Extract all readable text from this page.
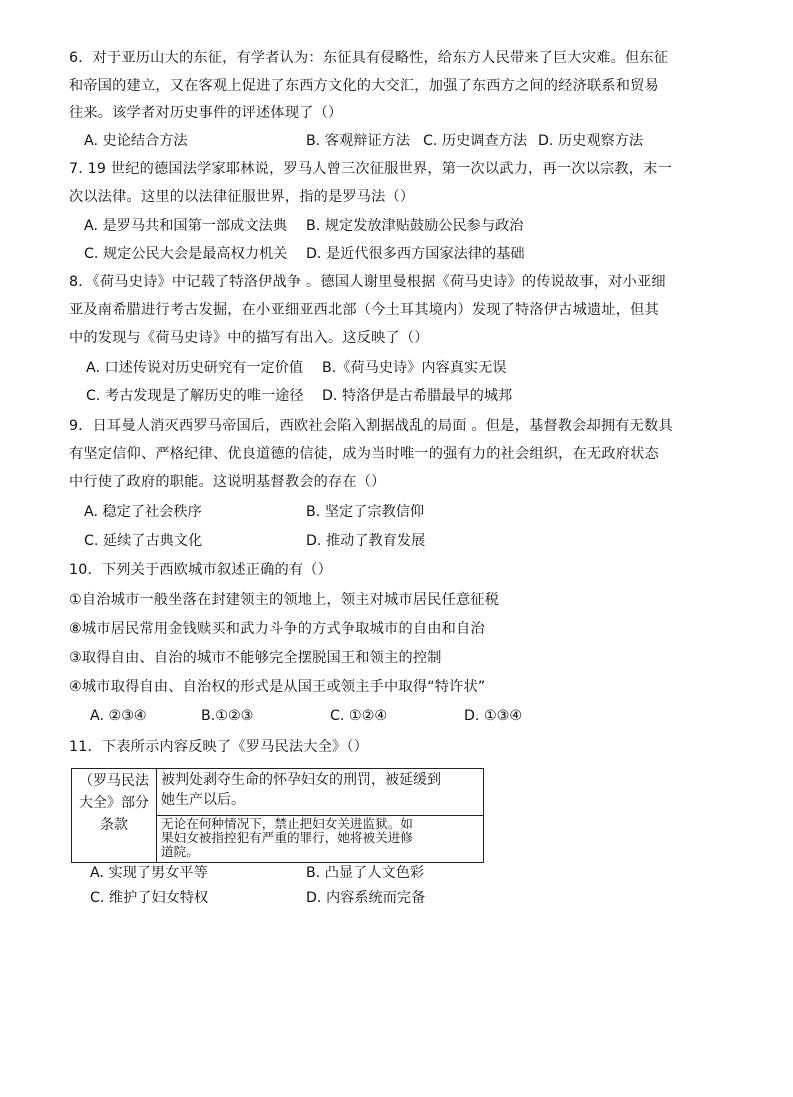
6．对于亚历山大的东征，有学者认为：东征具有侵略性，给东方人民带来了巨大灾难。但东征
和帝国的建立，又在客观上促进了东西方文化的大交汇，加强了东西方之间的经济联系和贸易
往来。该学者对历史事件的评述体现了（）
A. 史论结合方法	B. 客观辩证方法 C. 历史调查方法 D. 历史观察方法
7. 19 世纪的德国法学家耶林说，罗马人曾三次征服世界，第一次以武力，再一次以宗教，末一
次以法律。这里的以法律征服世界，指的是罗马法（）
A. 是罗马共和国第一部成文法典 B. 规定发放津贴鼓励公民参与政治
C. 规定公民大会是最高权力机关 D. 是近代很多西方国家法律的基础
8．《荷马史诗》中记载了特洛伊战争 。德国人谢里曼根据《荷马史诗》的传说故事，对小亚细
亚及南希腊进行考古发掘，在小亚细亚西北部（今土耳其境内）发现了特洛伊古城遗址，但其
中的发现与《荷马史诗》中的描写有出入。这反映了（）
A. 口述传说对历史研究有一定价值 B.《荷马史诗》内容真实无误
C. 考古发现是了解历史的唯一途径 D. 特洛伊是古希腊最早的城邦
9．日耳曼人消灭西罗马帝国后，西欧社会陷入割据战乱的局面 。但是，基督教会却拥有无数具
有坚定信仰、严格纪律、优良道德的信徒，成为当时唯一的强有力的社会组织，在无政府状态
中行使了政府的职能。这说明基督教会的存在（）
A. 稳定了社会秩序	B. 坚定了宗教信仰
C. 延续了古典文化	D. 推动了教育发展
10．下列关于西欧城市叙述正确的有（）
①自治城市一般坐落在封建领主的领地上，领主对城市居民任意征税
⑧城市居民常用金钱赎买和武力斗争的方式争取城市的自由和自治
③取得自由、自治的城市不能够完全摆脱国王和领主的控制
④城市取得自由、自治权的形式是从国王或领主手中取得“特许状”
A. ②③④	B.①②③	C. ①②④	D. ①③④
11．下表所示内容反映了《罗马民法大全》（）
（罗马民法
大全》部分
条款

被判处剥夺生命的怀孕妇女的刑罚，被延缓到
她生产以后。

无论在何种情况下，禁止把妇女关进监狱。如
果妇女被指控犯有严重的罪行，她将被关进修
道院。
A. 实现了男女平等	B. 凸显了人文色彩
C. 维护了妇女特权	D. 内容系统而完备
